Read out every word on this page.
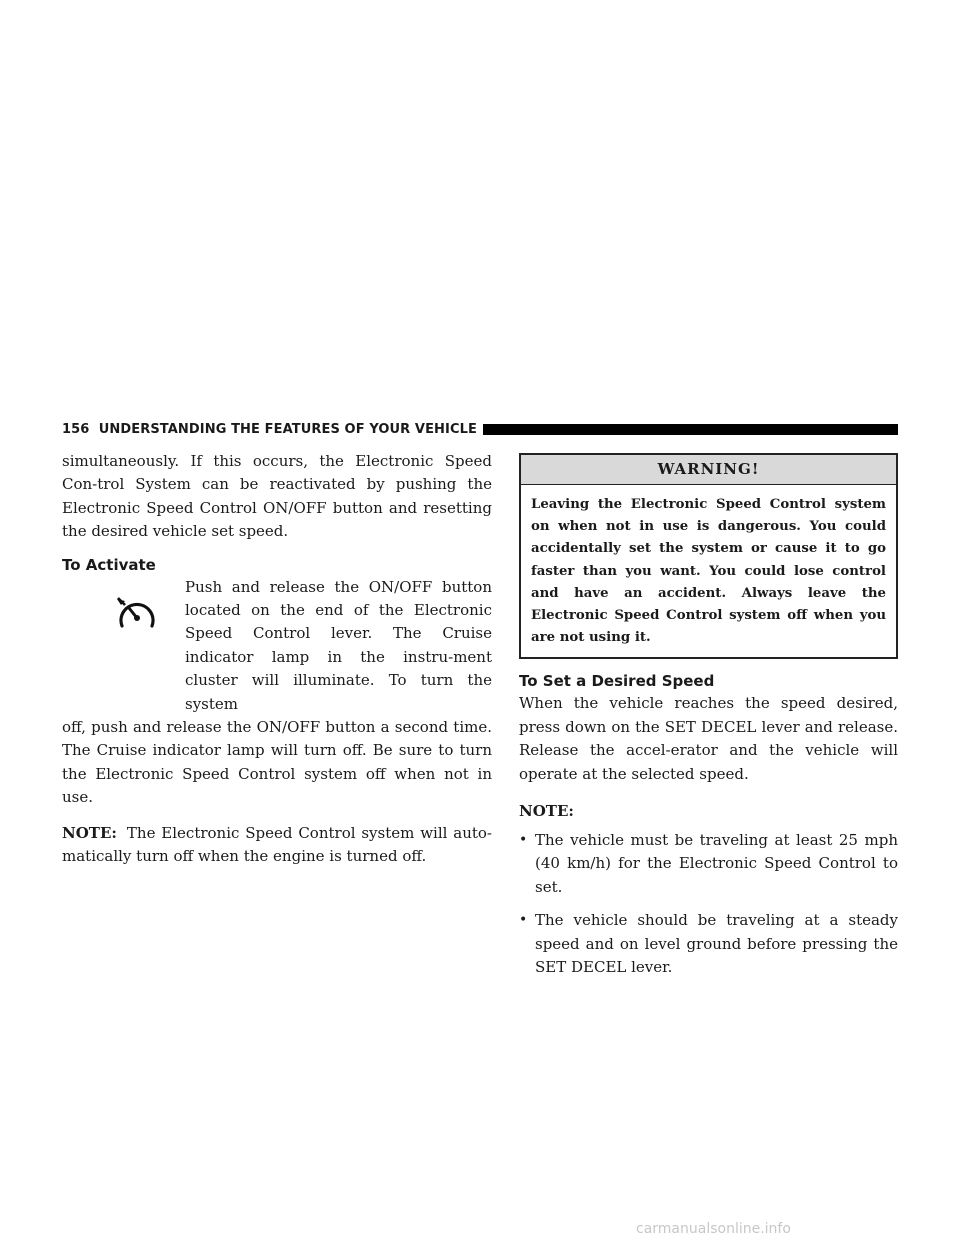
156 UNDERSTANDING THE FEATURES OF YOUR VEHICLE

simultaneously. If this occurs, the Electronic Speed Con-trol System can be reactivated by pushing the Electronic Speed Control ON/OFF button and resetting the desired vehicle set speed.

To Activate

Push and release the ON/OFF button located on the end of the Electronic Speed Control lever. The Cruise indicator lamp in the instru-ment cluster will illuminate. To turn the system

off, push and release the ON/OFF button a second time. The Cruise indicator lamp will turn off. Be sure to turn the Electronic Speed Control system off when not in use.

NOTE: The Electronic Speed Control system will auto-matically turn off when the engine is turned off.

WARNING!
Leaving the Electronic Speed Control system on when not in use is dangerous. You could accidentally set the system or cause it to go faster than you want. You could lose control and have an accident. Always leave the Electronic Speed Control system off when you are not using it.
To Set a Desired Speed

When the vehicle reaches the speed desired, press down on the SET DECEL lever and release. Release the accel-erator and the vehicle will operate at the selected speed.

NOTE:
• The vehicle must be traveling at least 25 mph (40 km/h) for the Electronic Speed Control to set.
• The vehicle should be traveling at a steady speed and on level ground before pressing the SET DECEL lever.
carmanualsonline.info
